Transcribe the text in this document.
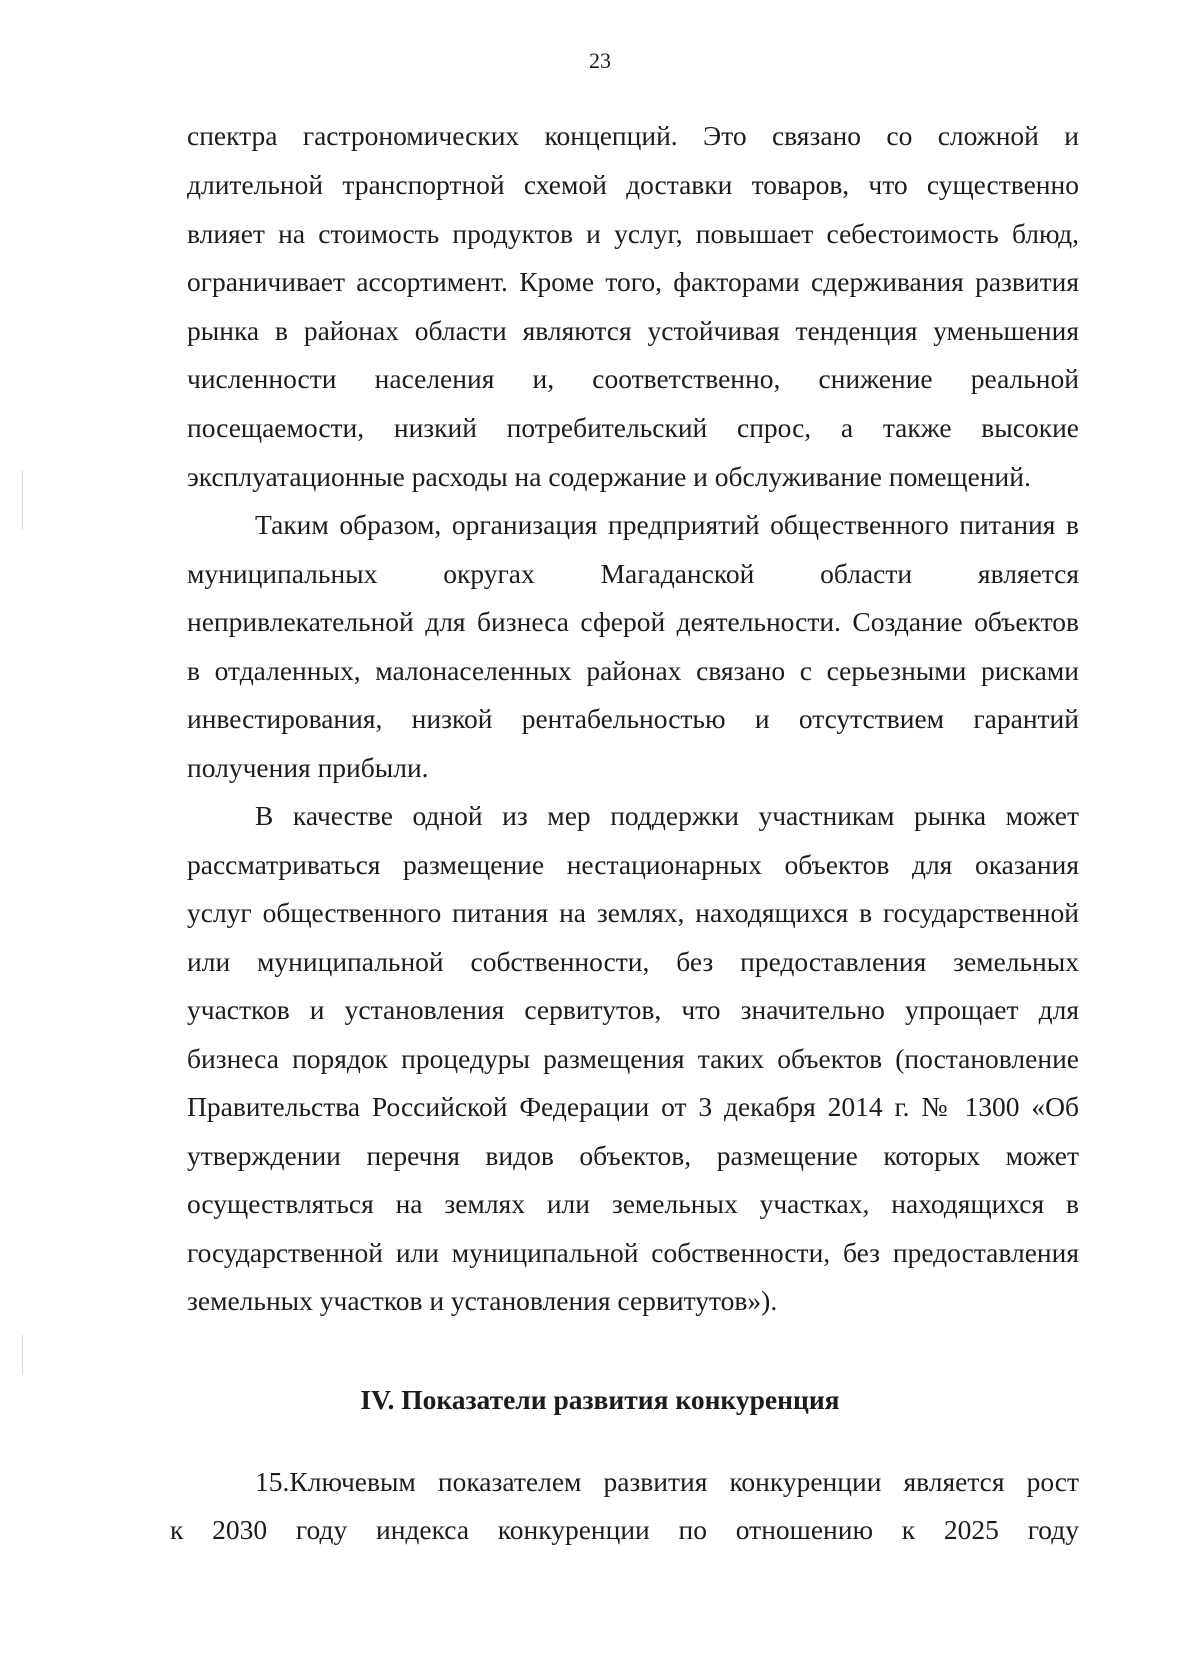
23
спектра гастрономических концепций. Это связано со сложной и
длительной транспортной схемой доставки товаров, что существенно
влияет на стоимость продуктов и услуг, повышает себестоимость блюд,
ограничивает ассортимент. Кроме того, факторами сдерживания развития
рынка в районах области являются устойчивая тенденция уменьшения
численности населения и, соответственно, снижение реальной
посещаемости, низкий потребительский спрос, а также высокие
эксплуатационные расходы на содержание и обслуживание помещений.
Таким образом, организация предприятий общественного питания в
муниципальных округах Магаданской области является
непривлекательной для бизнеса сферой деятельности. Создание объектов
в отдаленных, малонаселенных районах связано с серьезными рисками
инвестирования, низкой рентабельностью и отсутствием гарантий
получения прибыли.
В качестве одной из мер поддержки участникам рынка может
рассматриваться размещение нестационарных объектов для оказания
услуг общественного питания на землях, находящихся в государственной
или муниципальной собственности, без предоставления земельных
участков и установления сервитутов, что значительно упрощает для
бизнеса порядок процедуры размещения таких объектов (постановление
Правительства Российской Федерации от 3 декабря 2014 г. № 1300 «Об
утверждении перечня видов объектов, размещение которых может
осуществляться на землях или земельных участках, находящихся в
государственной или муниципальной собственности, без предоставления
земельных участков и установления сервитутов»).
IV. Показатели развития конкуренция
15.Ключевым показателем развития конкуренции является рост
к 2030 году индекса конкуренции по отношению к 2025 году
